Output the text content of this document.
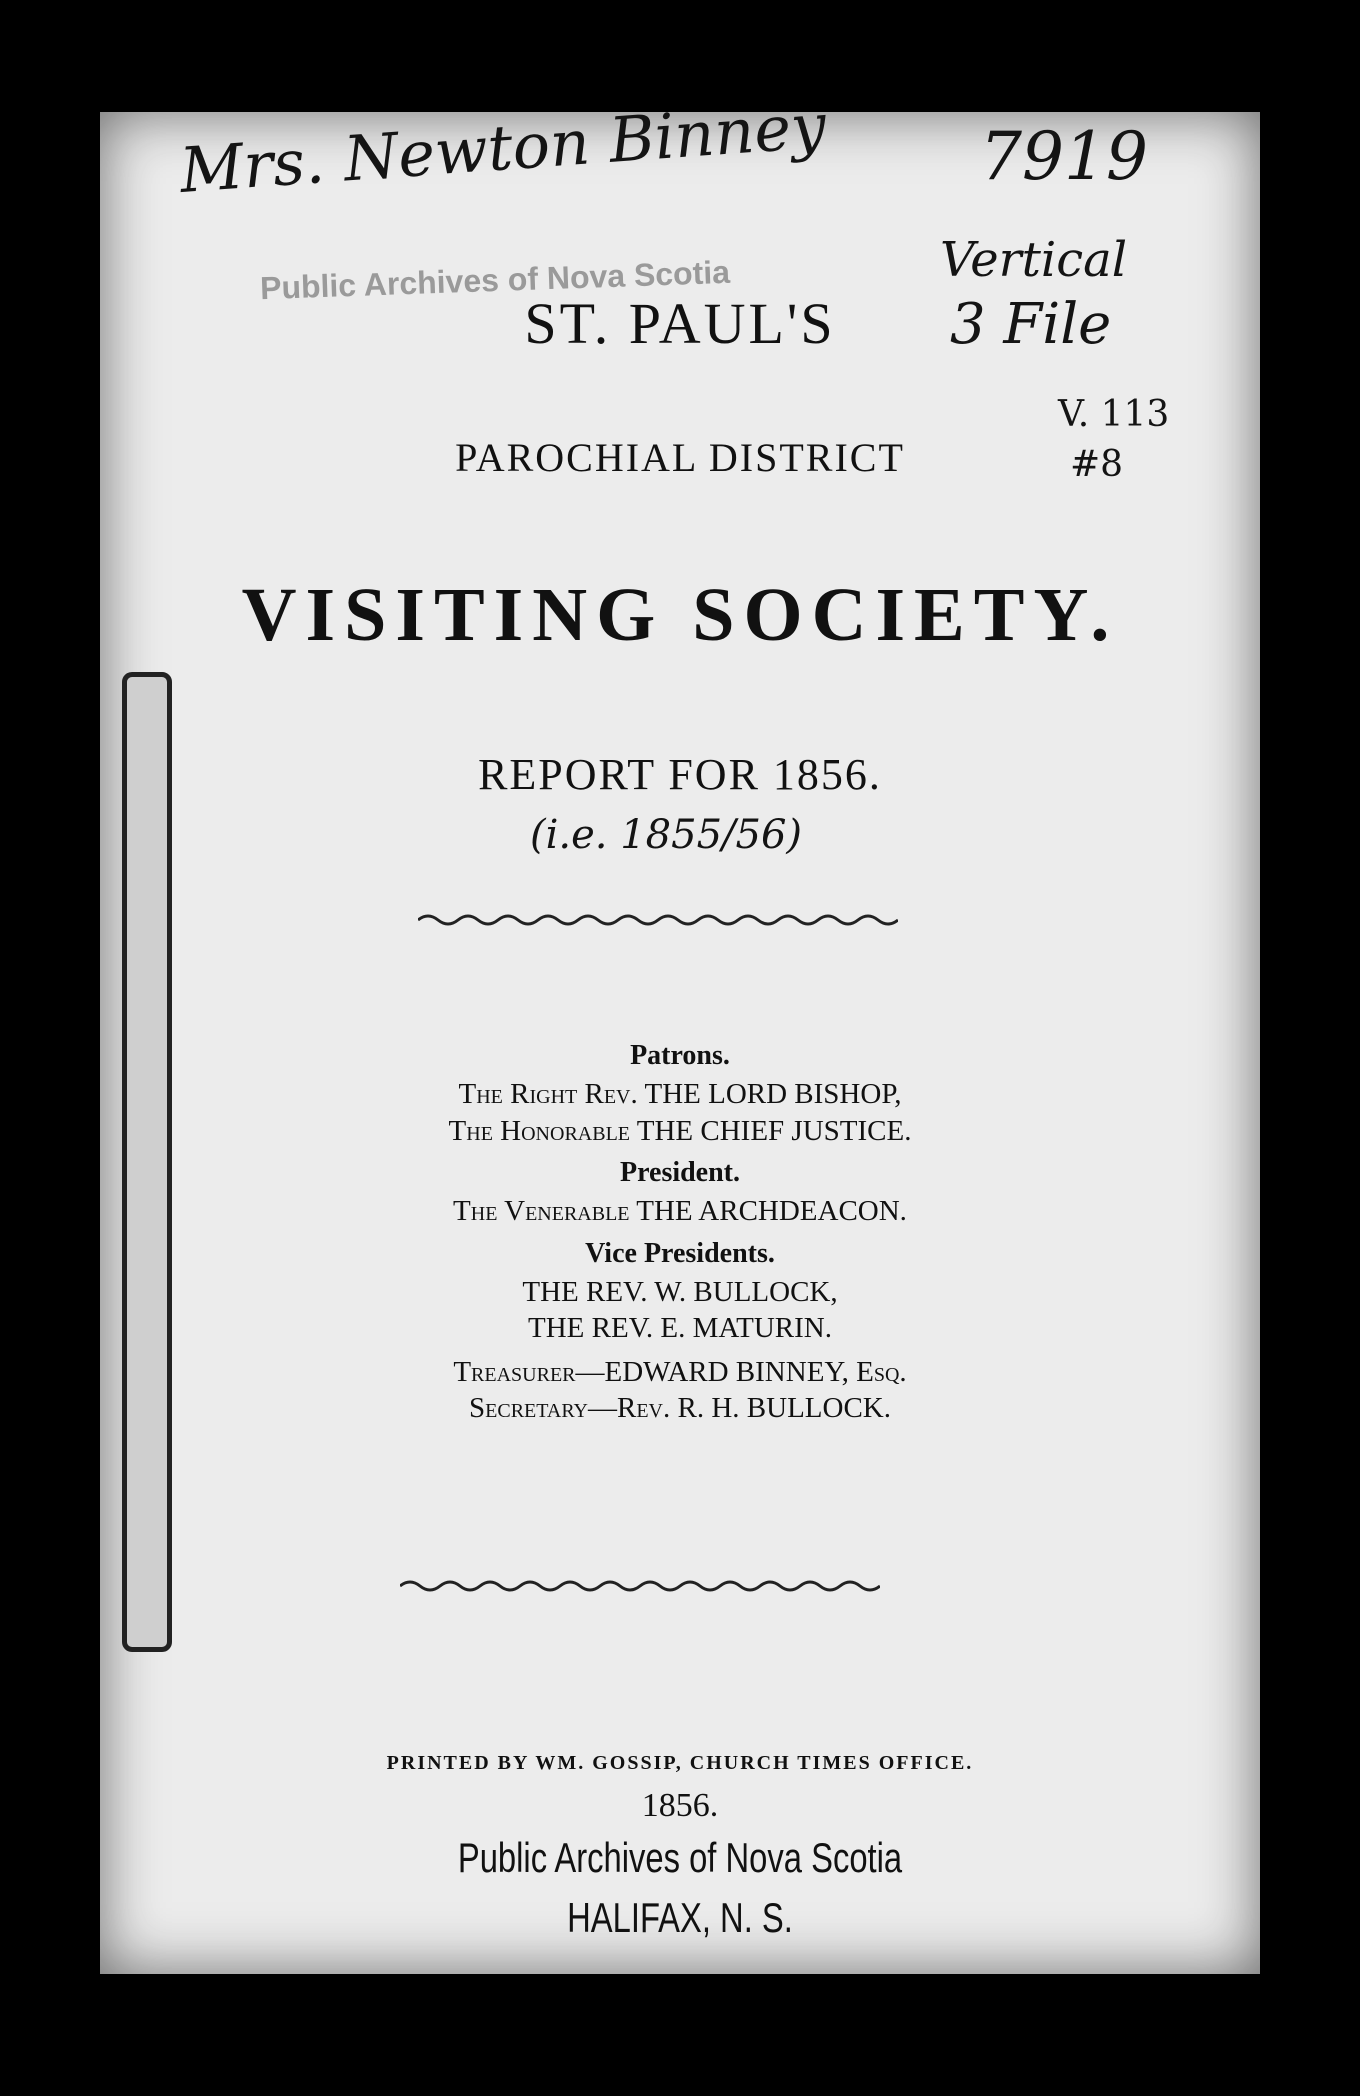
Mrs. Newton Binney 7919
Vertical
3 File
V. 113
#8
Public Archives of Nova Scotia
ST. PAUL'S
PAROCHIAL DISTRICT
VISITING SOCIETY.
REPORT FOR 1856.
(i.e. 1855/56)
Patrons.
The Right Rev. THE LORD BISHOP,
The Honorable THE CHIEF JUSTICE.
President.
The Venerable THE ARCHDEACON.
Vice Presidents.
THE REV. W. BULLOCK,
THE REV. E. MATURIN.
Treasurer—EDWARD BINNEY, Esq.
Secretary—Rev. R. H. BULLOCK.
PRINTED BY WM. GOSSIP, CHURCH TIMES OFFICE.
1856.
Public Archives of Nova Scotia
HALIFAX, N. S.
